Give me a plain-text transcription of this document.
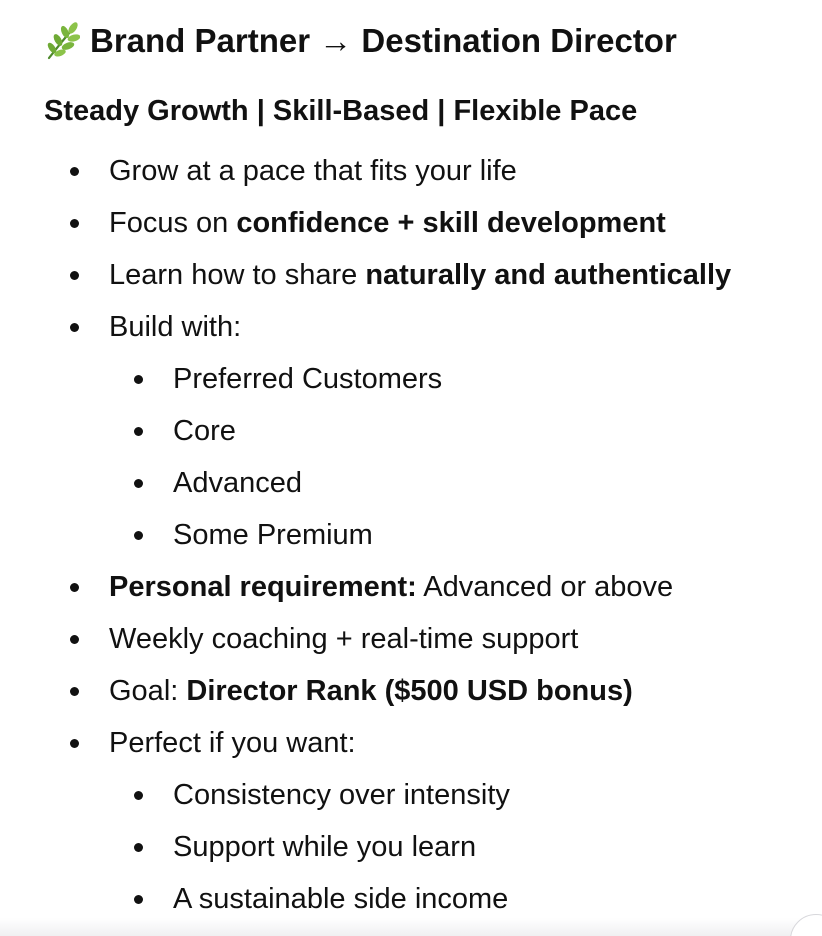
Brand Partner → Destination Director
Steady Growth | Skill-Based | Flexible Pace
Grow at a pace that fits your life
Focus on confidence + skill development
Learn how to share naturally and authentically
Build with:
Preferred Customers
Core
Advanced
Some Premium
Personal requirement: Advanced or above
Weekly coaching + real-time support
Goal: Director Rank ($500 USD bonus)
Perfect if you want:
Consistency over intensity
Support while you learn
A sustainable side income
